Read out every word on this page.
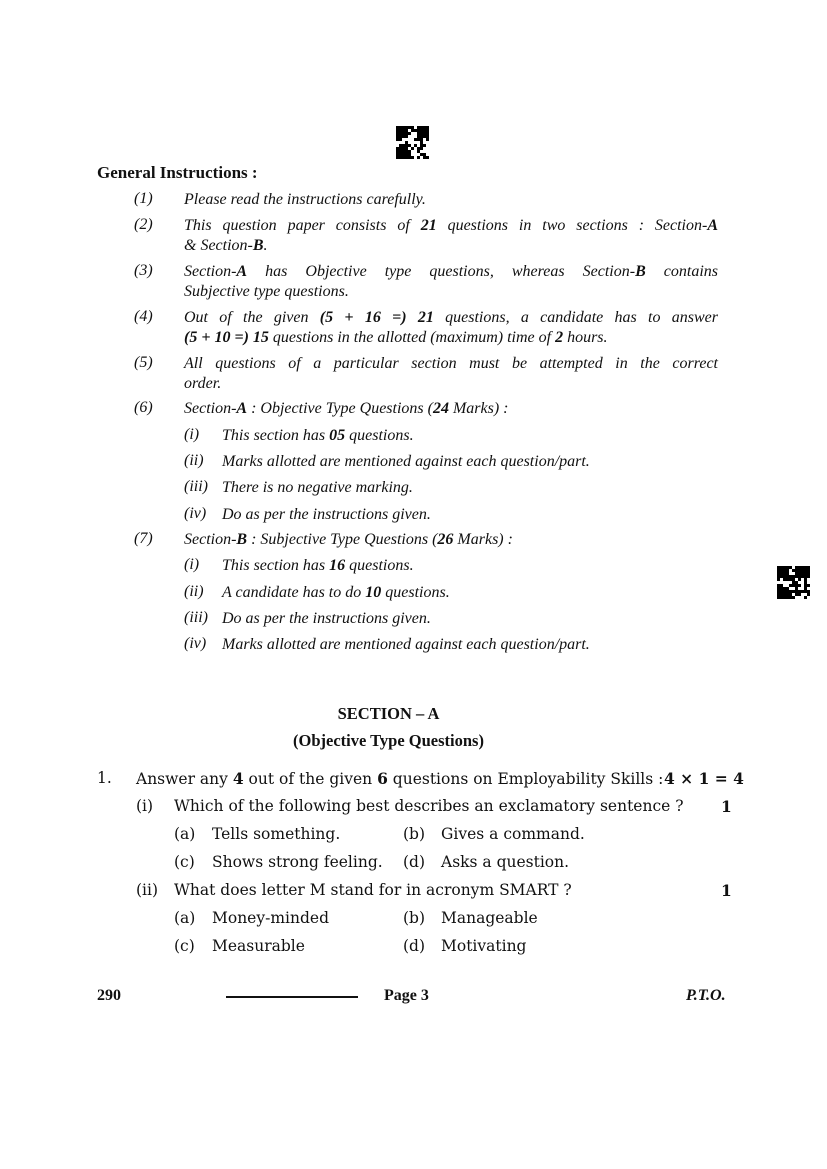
General Instructions :
(1) Please read the instructions carefully.
(2) This question paper consists of 21 questions in two sections : Section-A
& Section-B.
(3) Section-A has Objective type questions, whereas Section-B contains
Subjective type questions.
(4) Out of the given (5 + 16 =) 21 questions, a candidate has to answer
(5 + 10 =) 15 questions in the allotted (maximum) time of 2 hours.
(5) All questions of a particular section must be attempted in the correct
order.
(6) Section-A : Objective Type Questions (24 Marks) :
(i) This section has 05 questions.
(ii) Marks allotted are mentioned against each question/part.
(iii) There is no negative marking.
(iv) Do as per the instructions given.
(7) Section-B : Subjective Type Questions (26 Marks) :
(i) This section has 16 questions.
(ii) A candidate has to do 10 questions.
(iii) Do as per the instructions given.
(iv) Marks allotted are mentioned against each question/part.
SECTION – A
(Objective Type Questions)
1. Answer any 4 out of the given 6 questions on Employability Skills : 4 × 1 = 4
(i) Which of the following best describes an exclamatory sentence ? 1
(a) Tells something.	(b) Gives a command.
(c) Shows strong feeling. (d) Asks a question.
(ii) What does letter M stand for in acronym SMART ?	1
(a) Money-minded	(b) Manageable
(c) Measurable	(d) Motivating
290	Page 3	P.T.O.
